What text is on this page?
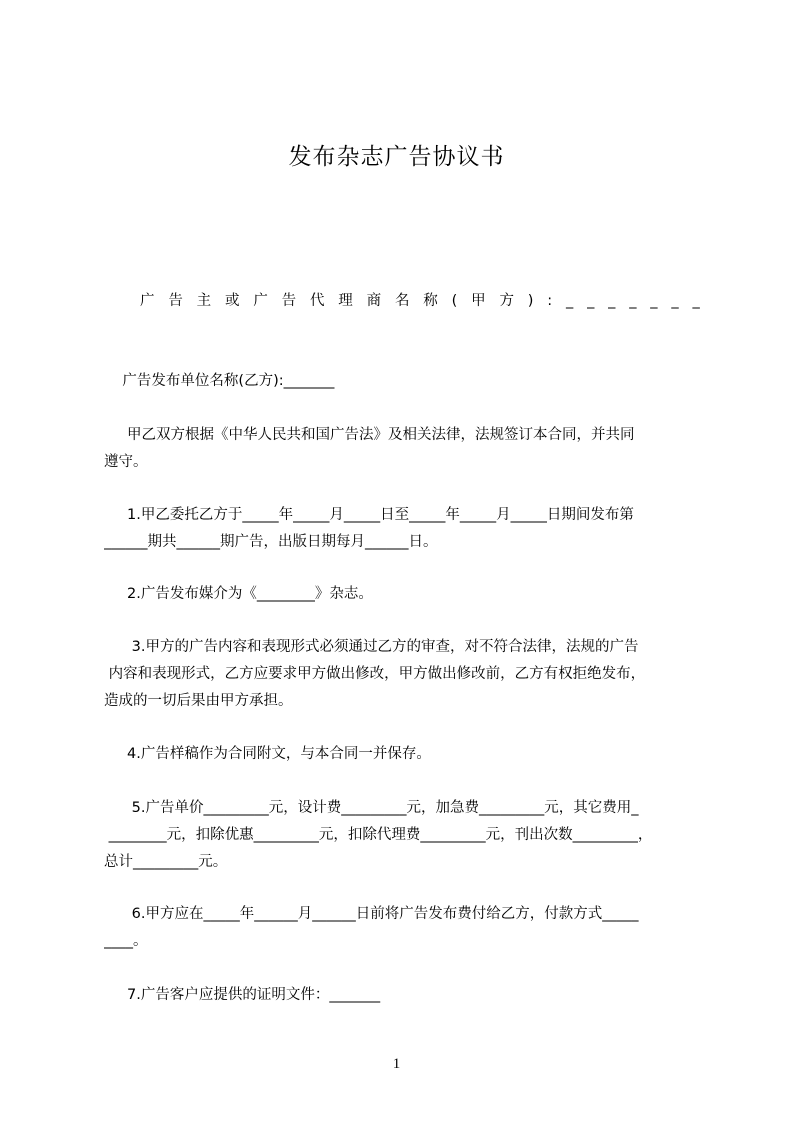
发布杂志广告协议书
广 告 主 或 广 告 代 理 商 名 称 ( 甲 方 ) : _ _ _ _ _ _ _
广告发布单位名称(乙方):_______
甲乙双方根据《中华人民共和国广告法》及相关法律，法规签订本合同，并共同
遵守。
1.甲乙委托乙方于_____年_____月_____日至_____年_____月_____日期间发布第
______期共______期广告，出版日期每月______日。
2.广告发布媒介为《________》杂志。
3.甲方的广告内容和表现形式必须通过乙方的审查，对不符合法律，法规的广告
内容和表现形式，乙方应要求甲方做出修改，甲方做出修改前，乙方有权拒绝发布，
造成的一切后果由甲方承担。
4.广告样稿作为合同附文，与本合同一并保存。
5.广告单价_________元，设计费_________元，加急费_________元，其它费用_
________元，扣除优惠_________元，扣除代理费_________元，刊出次数_________，
总计_________元。
6.甲方应在_____年______月______日前将广告发布费付给乙方，付款方式_____
____。
7.广告客户应提供的证明文件：_______
1
